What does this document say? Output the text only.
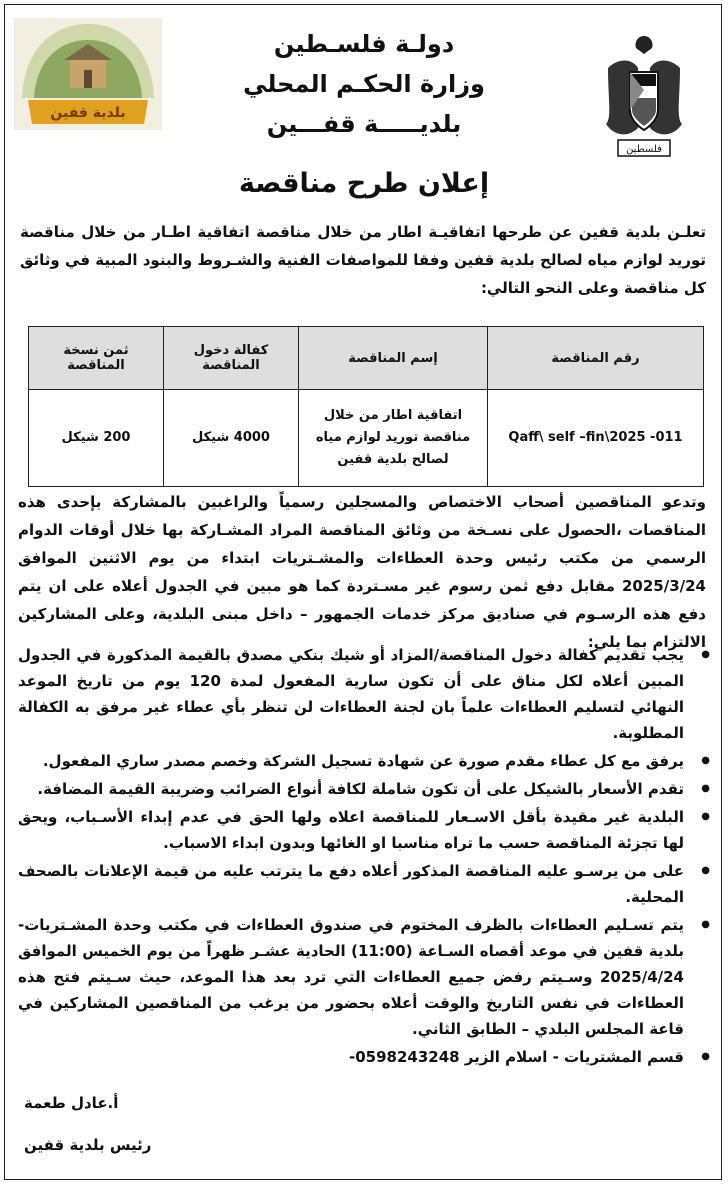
دولـة فلسـطين
وزارة الحكـم المحلي
بلديـــــة قفـــين
فلسطين
بلدية قفين
إعلان طرح مناقصة
تعلـن بلدية قفين عن طرحها اتفاقيـة اطار من خلال مناقصة اتفاقية اطـار من خلال مناقصة توريد لوازم مياه لصالح بلدية قفين وفقا للمواصفات الفنية والشـروط والبنود المبية في وثائق كل مناقصة وعلى النحو التالي:
رقم المناقصة	إسم المناقصة	كفالة دخول المناقصة	ثمن نسخة المناقصة
Qaff\ self –fin\2025 -011	اتفاقية اطار من خلال مناقصة توريد لوازم مياه لصالح بلدية قفين	4000 شيكل	200 شيكل
وتدعو المناقصين أصحاب الاختصاص والمسجلين رسمياً والراغبين بالمشاركة بإحدى هذه المناقصات ،الحصول على نسـخة من وثائق المناقصة المراد المشـاركة بها خلال أوقات الدوام الرسمي من مكتب رئيس وحدة العطاءات والمشـتريات ابتداء من يوم الاثنين الموافق 2025/3/24 مقابل دفع ثمن رسوم غير مسـتردة كما هو مبين في الجدول أعلاه على ان يتم دفع هذه الرسـوم في صناديق مركز خدمات الجمهور – داخل مبنى البلدية، وعلى المشاركين الالتزام بما يلي:
● يجب تقديم كفالة دخول المناقصة/المزاد أو شيك بنكي مصدق بالقيمة المذكورة في الجدول المبين أعلاه لكل مناق على أن تكون سارية المفعول لمدة 120 يوم من تاريخ الموعد النهائي لتسليم العطاءات علماً بان لجنة العطاءات لن تنظر بأي عطاء غير مرفق به الكفالة المطلوبة.
● يرفق مع كل عطاء مقدم صورة عن شهادة تسجيل الشركة وخصم مصدر ساري المفعول.
● تقدم الأسعار بالشيكل على أن تكون شاملة لكافة أنواع الضرائب وضريبة القيمة المضافة.
● البلدية غير مقيدة بأقل الاسـعار للمناقصة اعلاه ولها الحق في عدم إبداء الأسـباب، ويحق لها تجزئة المناقصة حسب ما تراه مناسبا او الغائها وبدون ابداء الاسباب.
● على من يرسـو عليه المناقصة المذكور أعلاه دفع ما يترتب عليه من قيمة الإعلانات بالصحف المحلية.
● يتم تسـليم العطاءات بالظرف المختوم في صندوق العطاءات في مكتب وحدة المشـتريات- بلدية قفين في موعد أقصاه السـاعة (11:00) الحادية عشـر ظهراً من يوم الخميس الموافق 2025/4/24 وسـيتم رفض جميع العطاءات التي ترد بعد هذا الموعد، حيث سـيتم فتح هذه العطاءات في نفس التاريخ والوقت أعلاه بحضور من يرغب من المناقصين المشاركين في قاعة المجلس البلدي – الطابق الثاني.
● قسم المشتريات - اسلام الزير 0598243248-
أ.عادل طعمة
رئيس بلدية قفين
